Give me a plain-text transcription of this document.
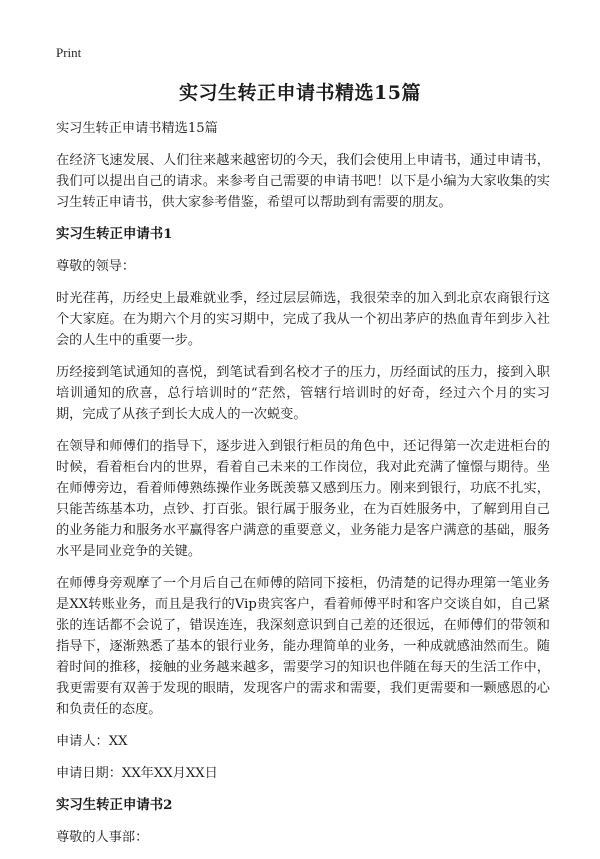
Print
实习生转正申请书精选15篇
实习生转正申请书精选15篇
在经济飞速发展、人们往来越来越密切的今天，我们会使用上申请书，通过申请书，我们可以提出自己的请求。来参考自己需要的申请书吧！以下是小编为大家收集的实习生转正申请书，供大家参考借鉴，希望可以帮助到有需要的朋友。
实习生转正申请书1
尊敬的领导：
时光荏苒，历经史上最难就业季，经过层层筛选，我很荣幸的加入到北京农商银行这个大家庭。在为期六个月的实习期中，完成了我从一个初出茅庐的热血青年到步入社会的人生中的重要一步。
历经接到笔试通知的喜悦，到笔试看到名校才子的压力，历经面试的压力，接到入职培训通知的欣喜，总行培训时的“茫然，管辖行培训时的好奇，经过六个月的实习期，完成了从孩子到长大成人的一次蜕变。
在领导和师傅们的指导下，逐步进入到银行柜员的角色中，还记得第一次走进柜台的时候，看着柜台内的世界，看着自己未来的工作岗位，我对此充满了憧憬与期待。坐在师傅旁边，看着师傅熟练操作业务既羡慕又感到压力。刚来到银行，功底不扎实，只能苦练基本功，点钞、打百张。银行属于服务业，在为百姓服务中，了解到用自己的业务能力和服务水平赢得客户满意的重要意义，业务能力是客户满意的基础，服务水平是同业竞争的关键。
在师傅身旁观摩了一个月后自己在师傅的陪同下接柜，仍清楚的记得办理第一笔业务是XX转账业务，而且是我行的Vip贵宾客户，看着师傅平时和客户交谈自如，自己紧张的连话都不会说了，错误连连，我深刻意识到自己差的还很远，在师傅们的带领和指导下，逐渐熟悉了基本的银行业务，能办理简单的业务，一种成就感油然而生。随着时间的推移，接触的业务越来越多，需要学习的知识也伴随在每天的生活工作中，我更需要有双善于发现的眼睛，发现客户的需求和需要，我们更需要和一颗感恩的心和负责任的态度。
申请人：XX
申请日期：XX年XX月XX日
实习生转正申请书2
尊敬的人事部：
